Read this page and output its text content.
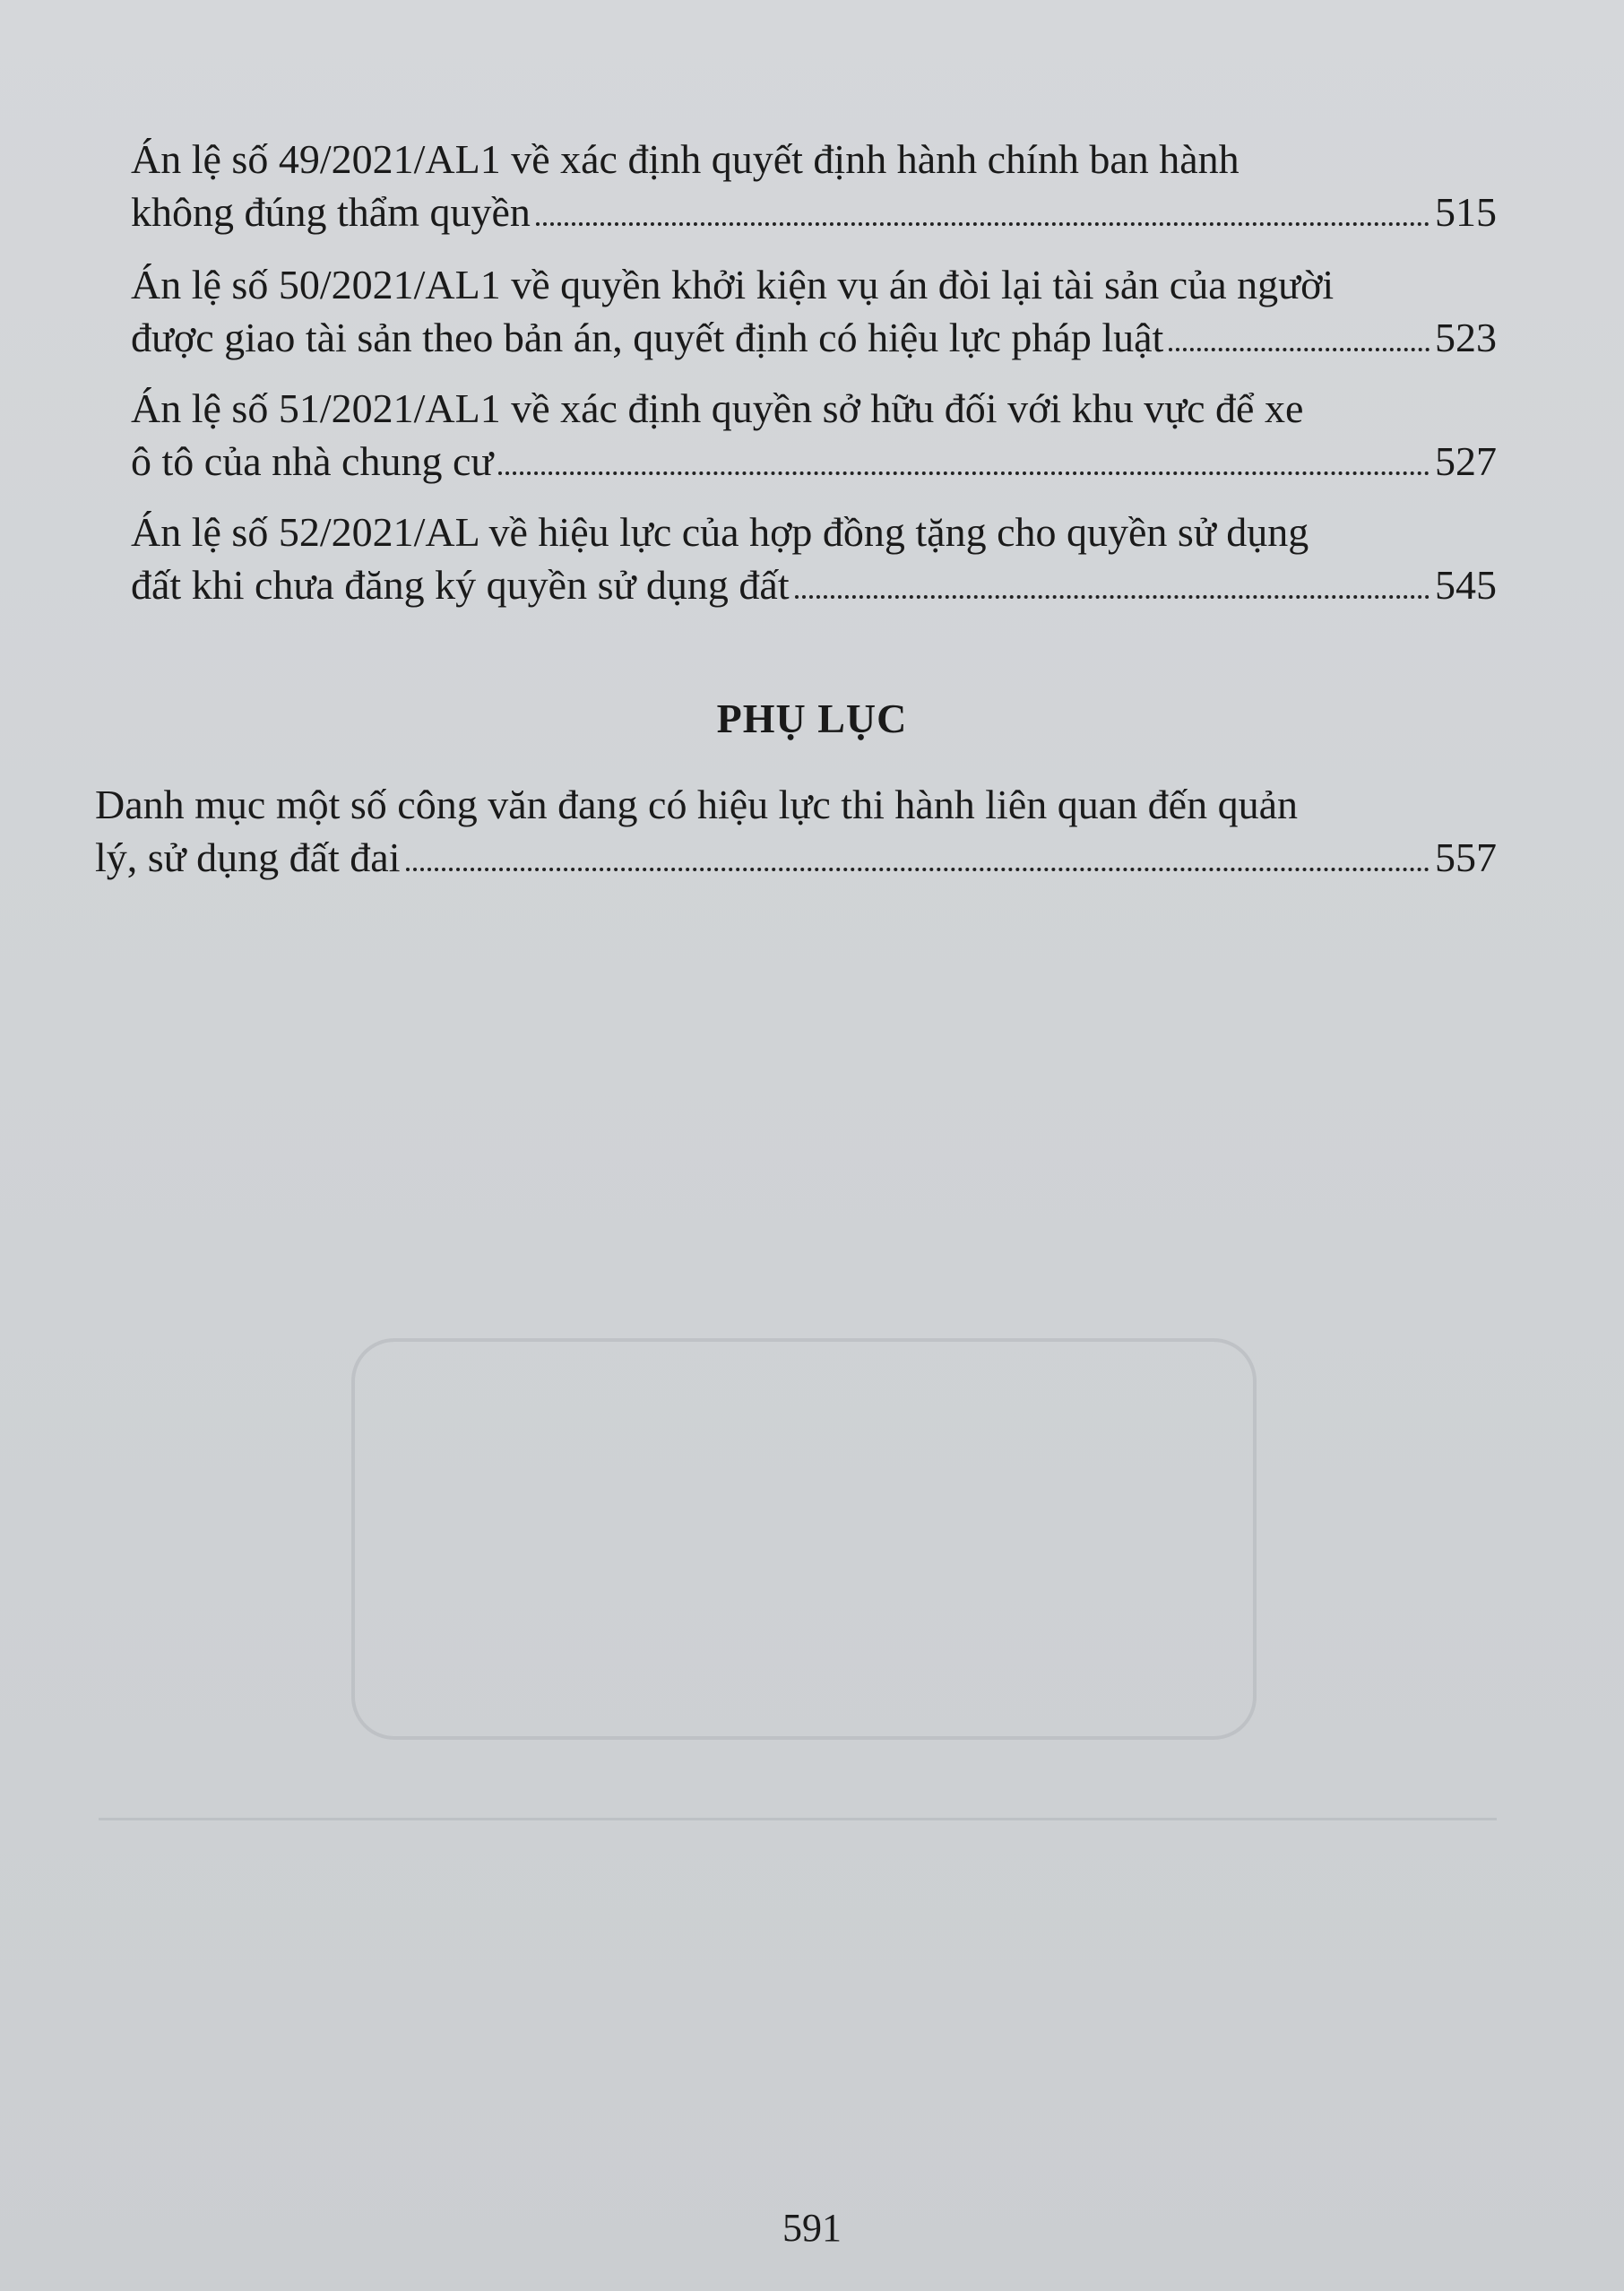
Án lệ số 49/2021/AL1 về xác định quyết định hành chính ban hành
không đúng thẩm quyền	515
Án lệ số 50/2021/AL1 về quyền khởi kiện vụ án đòi lại tài sản của người
được giao tài sản theo bản án, quyết định có hiệu lực pháp luật	523
Án lệ số 51/2021/AL1 về xác định quyền sở hữu đối với khu vực để xe
ô tô của nhà chung cư	527
Án lệ số 52/2021/AL về hiệu lực của hợp đồng tặng cho quyền sử dụng
đất khi chưa đăng ký quyền sử dụng đất	545
PHỤ LỤC
Danh mục một số công văn đang có hiệu lực thi hành liên quan đến quản
lý, sử dụng đất đai	557
591
